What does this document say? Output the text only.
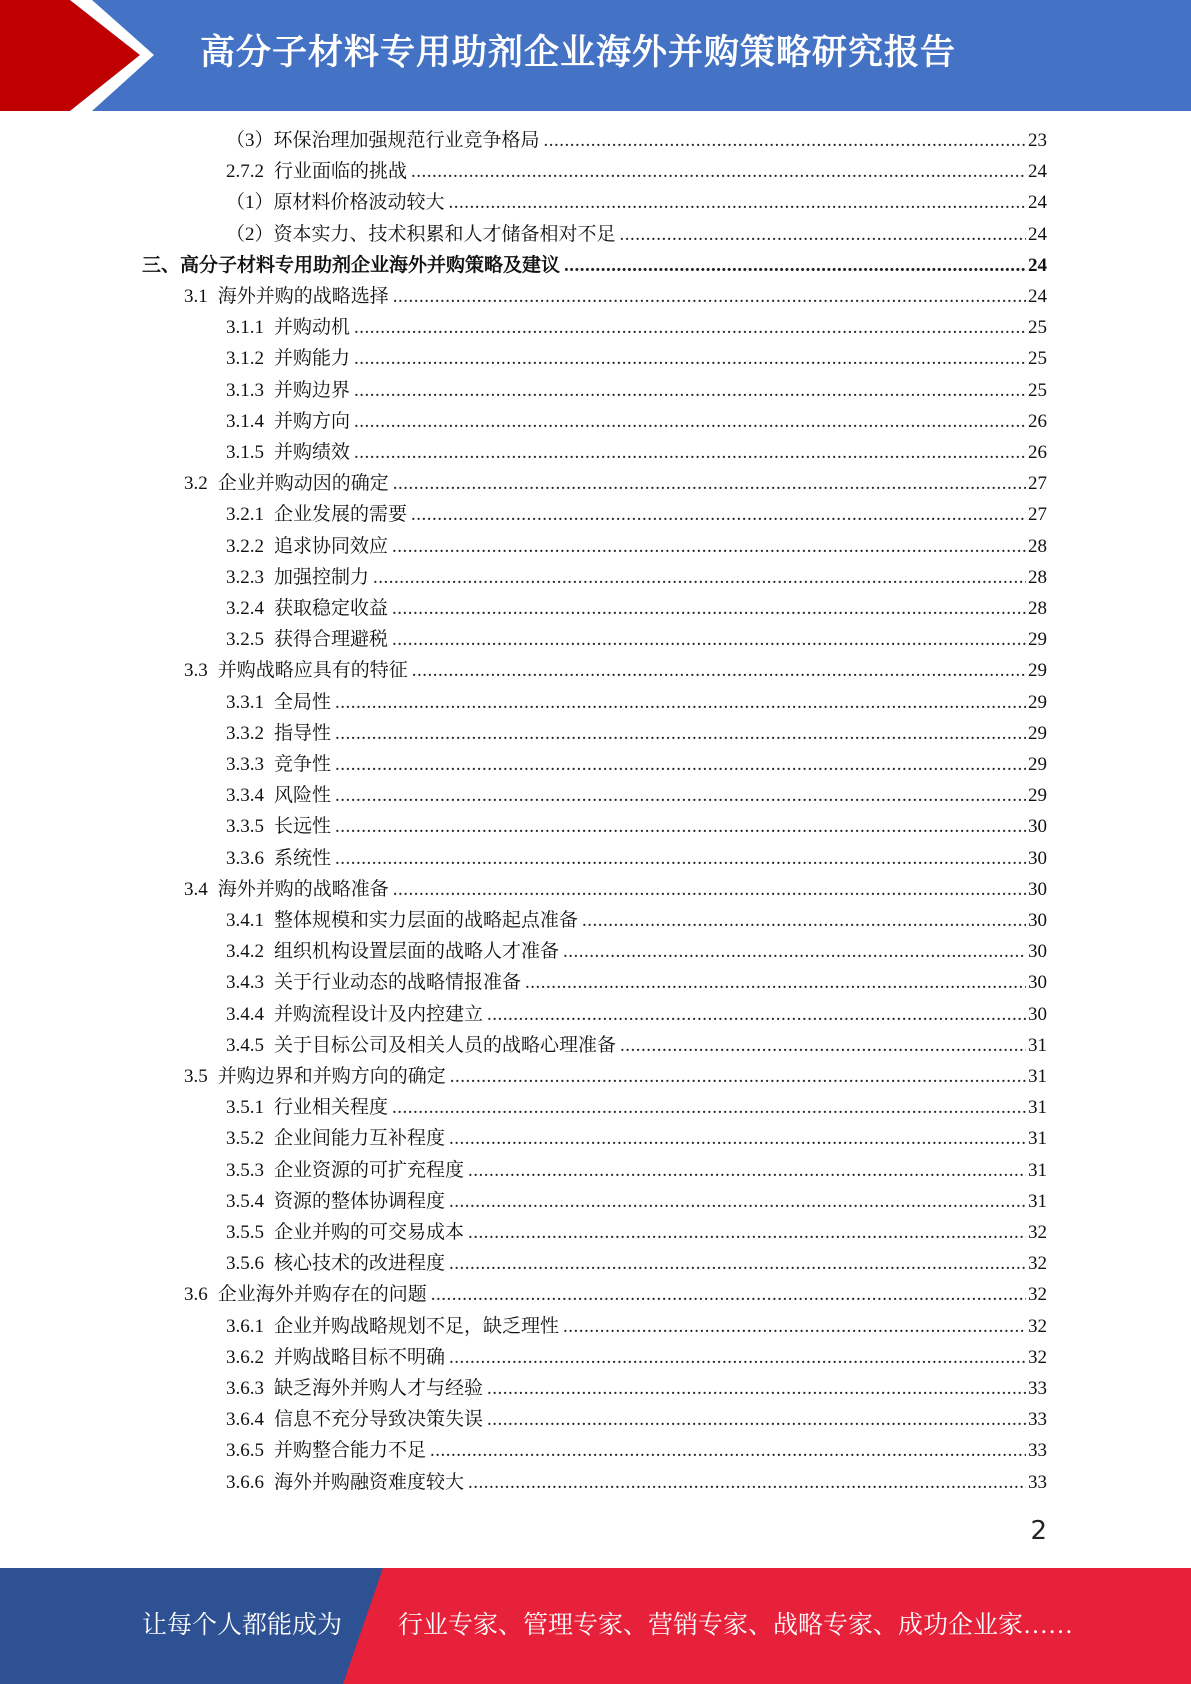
高分子材料专用助剂企业海外并购策略研究报告
（3）环保治理加强规范行业竞争格局 .....	23
2.7.2 行业面临的挑战 .....	24
（1）原材料价格波动较大 .....	24
（2）资本实力、技术积累和人才储备相对不足 .....	24
三、高分子材料专用助剂企业海外并购策略及建议 .....	24
3.1 海外并购的战略选择 .....	24
3.1.1 并购动机 .....	25
3.1.2 并购能力 .....	25
3.1.3 并购边界 .....	25
3.1.4 并购方向 .....	26
3.1.5 并购绩效 .....	26
3.2 企业并购动因的确定 .....	27
3.2.1 企业发展的需要 .....	27
3.2.2 追求协同效应 .....	28
3.2.3 加强控制力 .....	28
3.2.4 获取稳定收益 .....	28
3.2.5 获得合理避税 .....	29
3.3 并购战略应具有的特征 .....	29
3.3.1 全局性 .....	29
3.3.2 指导性 .....	29
3.3.3 竞争性 .....	29
3.3.4 风险性 .....	29
3.3.5 长远性 .....	30
3.3.6 系统性 .....	30
3.4 海外并购的战略准备 .....	30
3.4.1 整体规模和实力层面的战略起点准备 .....	30
3.4.2 组织机构设置层面的战略人才准备 .....	30
3.4.3 关于行业动态的战略情报准备 .....	30
3.4.4 并购流程设计及内控建立 .....	30
3.4.5 关于目标公司及相关人员的战略心理准备 .....	31
3.5 并购边界和并购方向的确定 .....	31
3.5.1 行业相关程度 .....	31
3.5.2 企业间能力互补程度 .....	31
3.5.3 企业资源的可扩充程度 .....	31
3.5.4 资源的整体协调程度 .....	31
3.5.5 企业并购的可交易成本 .....	32
3.5.6 核心技术的改进程度 .....	32
3.6 企业海外并购存在的问题 .....	32
3.6.1 企业并购战略规划不足，缺乏理性 .....	32
3.6.2 并购战略目标不明确 .....	32
3.6.3 缺乏海外并购人才与经验 .....	33
3.6.4 信息不充分导致决策失误 .....	33
3.6.5 并购整合能力不足 .....	33
3.6.6 海外并购融资难度较大 .....	33
2
让每个人都能成为 行业专家、管理专家、营销专家、战略专家、成功企业家……
